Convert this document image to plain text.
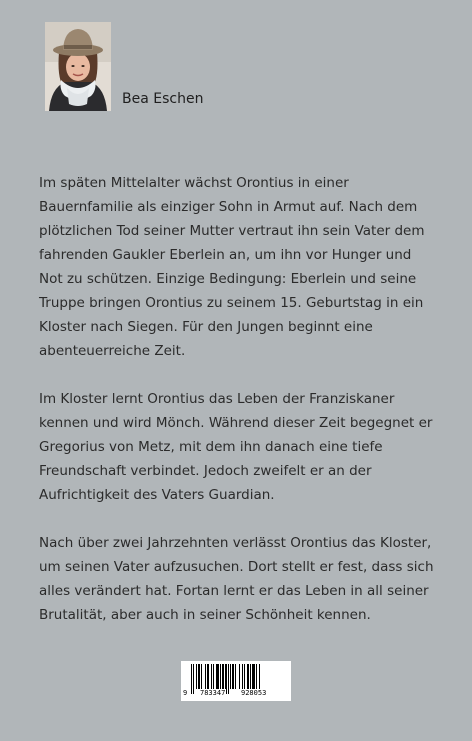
Bea Eschen

Im späten Mittelalter wächst Orontius in einer Bauernfamilie als einziger Sohn in Armut auf. Nach dem plötzlichen Tod seiner Mutter vertraut ihn sein Vater dem fahrenden Gaukler Eberlein an, um ihn vor Hunger und Not zu schützen. Einzige Bedingung: Eberlein und seine Truppe bringen Orontius zu seinem 15. Geburtstag in ein Kloster nach Siegen. Für den Jungen beginnt eine abenteuerreiche Zeit.

Im Kloster lernt Orontius das Leben der Franziskaner kennen und wird Mönch. Während dieser Zeit begegnet er Gregorius von Metz, mit dem ihn danach eine tiefe Freundschaft verbindet. Jedoch zweifelt er an der Aufrichtigkeit des Vaters Guardian.

Nach über zwei Jahrzehnten verlässt Orontius das Kloster, um seinen Vater aufzusuchen. Dort stellt er fest, dass sich alles verändert hat. Fortan lernt er das Leben in all seiner Brutalität, aber auch in seiner Schönheit kennen.

9 783347 928053
